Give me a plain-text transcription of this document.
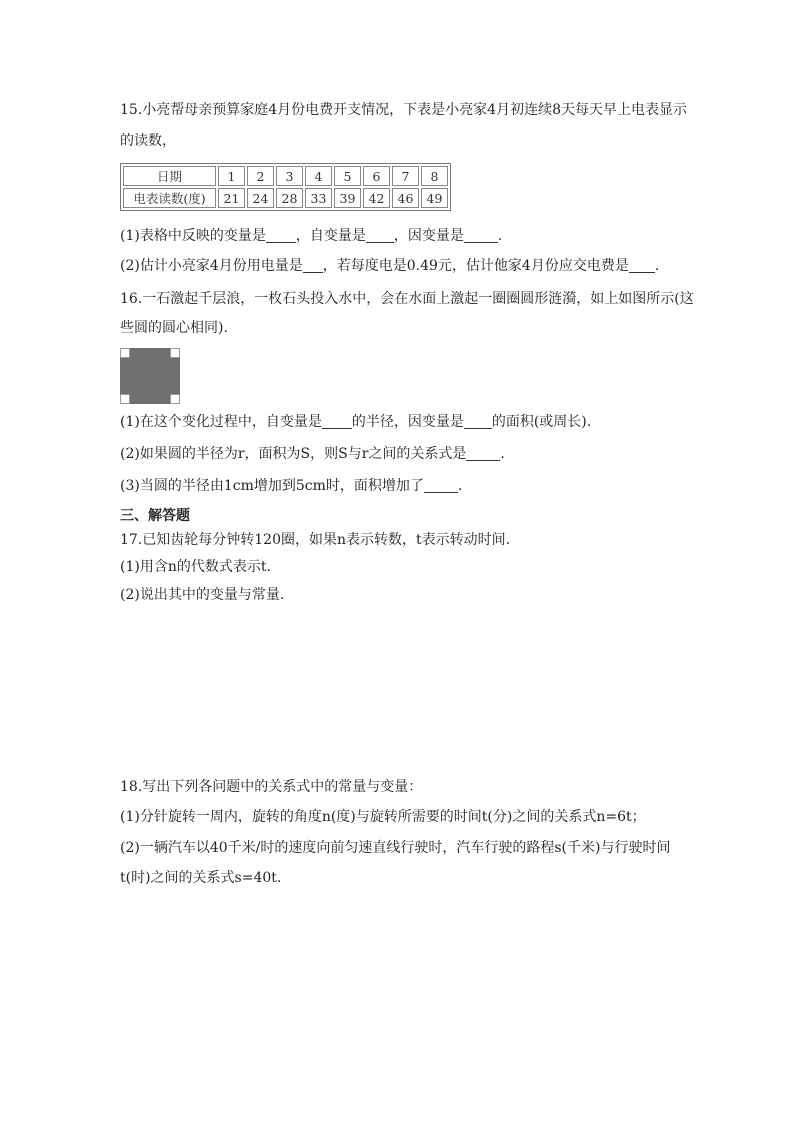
15.小亮帮母亲预算家庭4月份电费开支情况，下表是小亮家4月初连续8天每天早上电表显示
的读数，
日期	1	2	3	4	5	6	7	8
电表读数(度)	21	24	28	33	39	42	46	49
(1)表格中反映的变量是 ，自变量是 ，因变量是 .
(2)估计小亮家4月份用电量是 ，若每度电是0.49元，估计他家4月份应交电费是 .
16.一石激起千层浪，一枚石头投入水中，会在水面上激起一圈圈圆形涟漪，如上如图所示(这
些圆的圆心相同).
(1)在这个变化过程中，自变量是 的半径，因变量是 的面积(或周长).
(2)如果圆的半径为r，面积为S，则S与r之间的关系式是 .
(3)当圆的半径由1cm增加到5cm时，面积增加了 .
三、解答题
17.已知齿轮每分钟转120圈，如果n表示转数，t表示转动时间.
(1)用含n的代数式表示t.
(2)说出其中的变量与常量.
18.写出下列各问题中的关系式中的常量与变量：
(1)分针旋转一周内，旋转的角度n(度)与旋转所需要的时间t(分)之间的关系式n=6t；
(2)一辆汽车以40千米/时的速度向前匀速直线行驶时，汽车行驶的路程s(千米)与行驶时间
t(时)之间的关系式s=40t.
